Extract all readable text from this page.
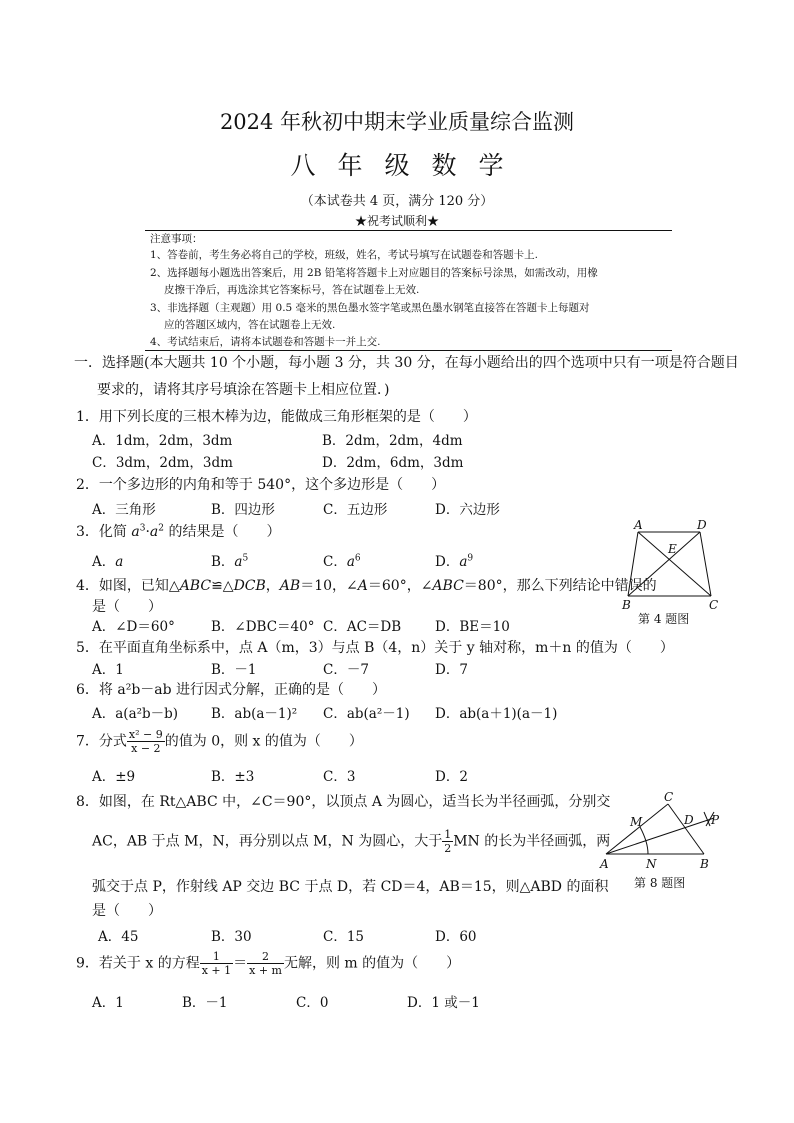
2024 年秋初中期末学业质量综合监测
八年级数学
（本试卷共 4 页，满分 120 分）
★祝考试顺利★
注意事项：
1、答卷前，考生务必将自己的学校，班级，姓名，考试号填写在试题卷和答题卡上.
2、选择题每小题选出答案后，用 2B 铅笔将答题卡上对应题目的答案标号涂黑，如需改动，用橡
皮擦干净后，再选涂其它答案标号，答在试题卷上无效.
3、非选择题（主观题）用 0.5 毫米的黑色墨水签字笔或黑色墨水钢笔直接答在答题卡上每题对
应的答题区域内，答在试题卷上无效.
4、考试结束后，请将本试题卷和答题卡一并上交.
一．选择题(本大题共 10 个小题，每小题 3 分，共 30 分，在每小题给出的四个选项中只有一项是符合题目
要求的，请将其序号填涂在答题卡上相应位置．)
1．用下列长度的三根木棒为边，能做成三角形框架的是（　　）
A．1dm，2dm，3dm	B．2dm，2dm，4dm
C．3dm，2dm，3dm	D．2dm，6dm，3dm
2．一个多边形的内角和等于 540°，这个多边形是（　　）
A．三角形	B．四边形	C．五边形	D．六边形
3．化简 $a^3\cdot a^2$ 的结果是（　　）
A．a	B．$a^5$	C．$a^6$	D．$a^9$
A	D
E
B	C
第 4 题图
4．如图，已知△ABC≌△DCB，AB＝10，∠A＝60°，∠ABC＝80°，那么下列结论中错误的
是（　　）
A．∠D＝60°	B．∠DBC＝40° C．AC＝DB	D．BE＝10
5．在平面直角坐标系中，点 A（m，3）与点 B（4，n）关于 y 轴对称，m＋n 的值为（　　）
A．1	B．－1	C．－7	D．7
6．将 a²b－ab 进行因式分解，正确的是（　　）
A．a(a²b－b) B．ab(a－1)² C．ab(a²－1) D．ab(a＋1)(a－1)
7．分式 $\frac{\text{x² − 9}}{x - 2}$ 的值为 0，则 x 的值为（　　）
A．±9	B．±3	C．3	D．2
C
M	D P
A	N	B
第 8 题图
8．如图，在 Rt△ABC 中，∠C＝90°，以顶点 A 为圆心，适当长为半径画弧，分别交
AC，AB 于点 M，N，再分别以点 M，N 为圆心，大于 $\frac{1}{2}$ MN 的长为半径画弧，两
弧交于点 P，作射线 AP 交边 BC 于点 D，若 CD＝4，AB＝15，则△ABD 的面积
是（　　）
A．45	B．30	C．15	D．60
9．若关于 x 的方程 $\frac{1}{x + 1} = \frac{2}{x + m}$ 无解，则 m 的值为（　　）
A．1	B．－1	C．0	D．1 或－1
